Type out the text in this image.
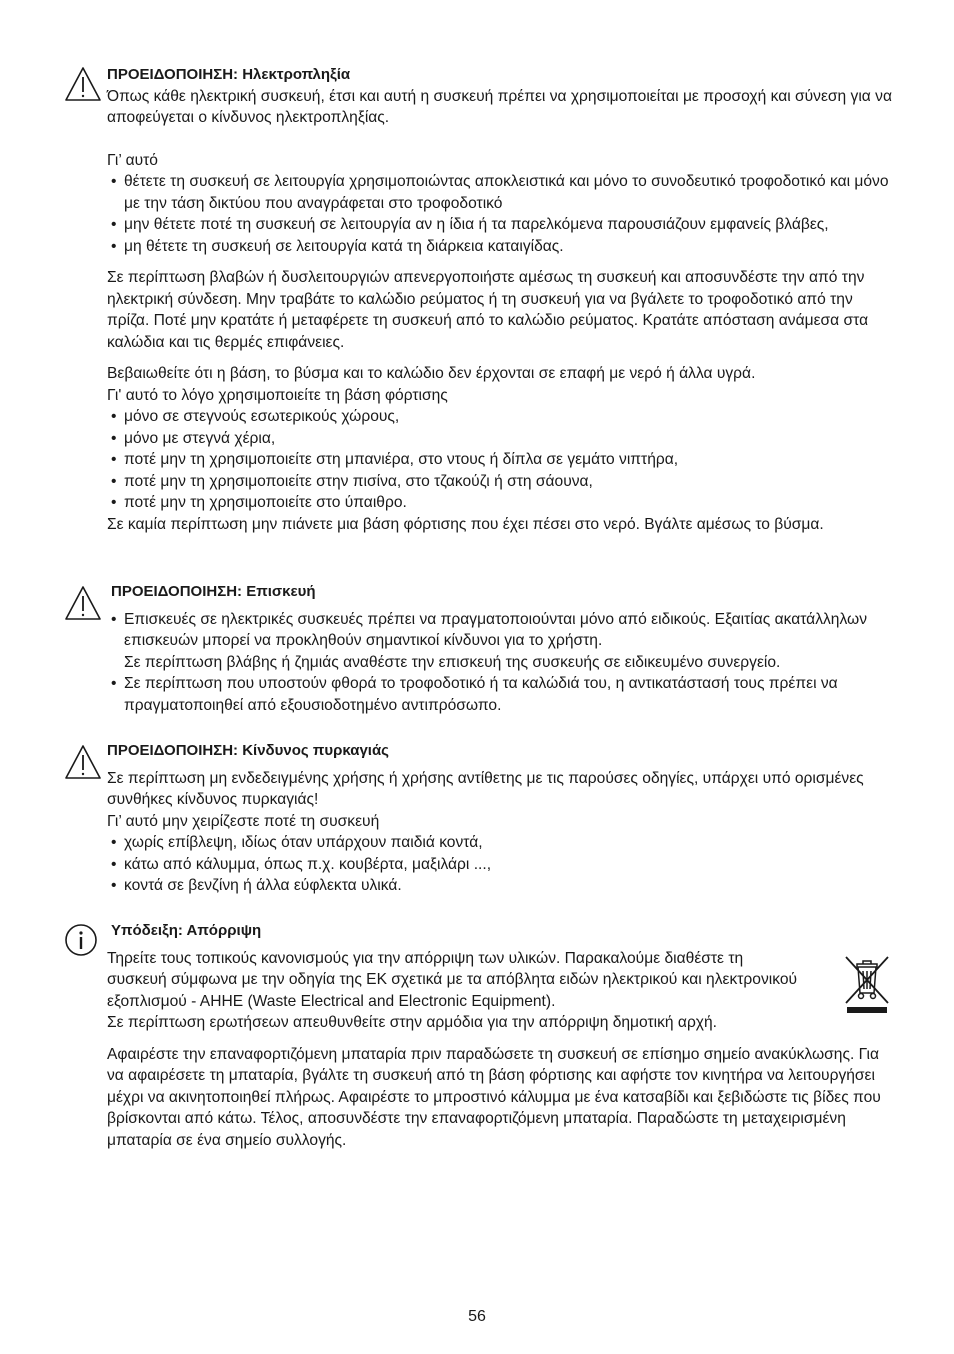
ΠΡΟΕΙΔΟΠΟΙΗΣΗ: Ηλεκτροπληξία

Όπως κάθε ηλεκτρική συσκευή, έτσι και αυτή η συσκευή πρέπει να χρησιμοποιείται με προσοχή και σύνεση για να αποφεύγεται ο κίνδυνος ηλεκτροπληξίας.

Γι’ αυτό

• θέτετε τη συσκευή σε λειτουργία χρησιμοποιώντας αποκλειστικά και μόνο το συνοδευτικό τροφοδοτικό και μόνο με την τάση δικτύου που αναγράφεται στο τροφοδοτικό
• μην θέτετε ποτέ τη συσκευή σε λειτουργία αν η ίδια ή τα παρελκόμενα παρουσιάζουν εμφανείς βλάβες,
• μη θέτετε τη συσκευή σε λειτουργία κατά τη διάρκεια καταιγίδας.

Σε περίπτωση βλαβών ή δυσλειτουργιών απενεργοποιήστε αμέσως τη συσκευή και αποσυνδέστε την από την ηλεκτρική σύνδεση. Μην τραβάτε το καλώδιο ρεύματος ή τη συσκευή για να βγάλετε το τροφοδοτικό από την πρίζα. Ποτέ μην κρατάτε ή μεταφέρετε τη συσκευή από το καλώδιο ρεύματος. Κρατάτε απόσταση ανάμεσα στα καλώδια και τις θερμές επιφάνειες.

Βεβαιωθείτε ότι η βάση, το βύσμα και το καλώδιο δεν έρχονται σε επαφή με νερό ή άλλα υγρά.

Γι' αυτό το λόγο χρησιμοποιείτε τη βάση φόρτισης

• μόνο σε στεγνούς εσωτερικούς χώρους,
• μόνο με στεγνά χέρια,
• ποτέ μην τη χρησιμοποιείτε στη μπανιέρα, στο ντους ή δίπλα σε γεμάτο νιπτήρα,
• ποτέ μην τη χρησιμοποιείτε στην πισίνα, στο τζακούζι ή στη σάουνα,
• ποτέ μην τη χρησιμοποιείτε στο ύπαιθρο.

Σε καμία περίπτωση μην πιάνετε μια βάση φόρτισης που έχει πέσει στο νερό. Βγάλτε αμέσως το βύσμα.

ΠΡΟΕΙΔΟΠΟΙΗΣΗ: Επισκευή

• Επισκευές σε ηλεκτρικές συσκευές πρέπει να πραγματοποιούνται μόνο από ειδικούς. Εξαιτίας ακατάλληλων επισκευών μπορεί να προκληθούν σημαντικοί κίνδυνοι για το χρήστη.
Σε περίπτωση βλάβης ή ζημιάς αναθέστε την επισκευή της συσκευής σε ειδικευμένο συνεργείο.
• Σε περίπτωση που υποστούν φθορά το τροφοδοτικό ή τα καλώδιά του, η αντικατάστασή τους πρέπει να πραγματοποιηθεί από εξουσιοδοτημένο αντιπρόσωπο.

ΠΡΟΕΙΔΟΠΟΙΗΣΗ: Κίνδυνος πυρκαγιάς

Σε περίπτωση μη ενδεδειγμένης χρήσης ή χρήσης αντίθετης με τις παρούσες οδηγίες, υπάρχει υπό ορισμένες συνθήκες κίνδυνος πυρκαγιάς!

Γι’ αυτό μην χειρίζεστε ποτέ τη συσκευή

• χωρίς επίβλεψη, ιδίως όταν υπάρχουν παιδιά κοντά,
• κάτω από κάλυμμα, όπως π.χ. κουβέρτα, μαξιλάρι ...,
• κοντά σε βενζίνη ή άλλα εύφλεκτα υλικά.

Υπόδειξη: Απόρριψη

Τηρείτε τους τοπικούς κανονισμούς για την απόρριψη των υλικών. Παρακαλούμε διαθέστε τη συσκευή σύμφωνα με την οδηγία της ΕΚ σχετικά με τα απόβλητα ειδών ηλεκτρικού και ηλεκτρονικού εξοπλισμού - ΑΗΗΕ (Waste Electrical and Electronic Equipment).

Σε περίπτωση ερωτήσεων απευθυνθείτε στην αρμόδια για την απόρριψη δημοτική αρχή.

Αφαιρέστε την επαναφορτιζόμενη μπαταρία πριν παραδώσετε τη συσκευή σε επίσημο σημείο ανακύκλωσης. Για να αφαιρέσετε τη μπαταρία, βγάλτε τη συσκευή από τη βάση φόρτισης και αφήστε τον κινητήρα να λειτουργήσει μέχρι να ακινητοποιηθεί πλήρως. Αφαιρέστε το μπροστινό κάλυμμα με ένα κατσαβίδι και ξεβιδώστε τις βίδες που βρίσκονται από κάτω. Τέλος, αποσυνδέστε την επαναφορτιζόμενη μπαταρία. Παραδώστε τη μεταχειρισμένη μπαταρία σε ένα σημείο συλλογής.

56
